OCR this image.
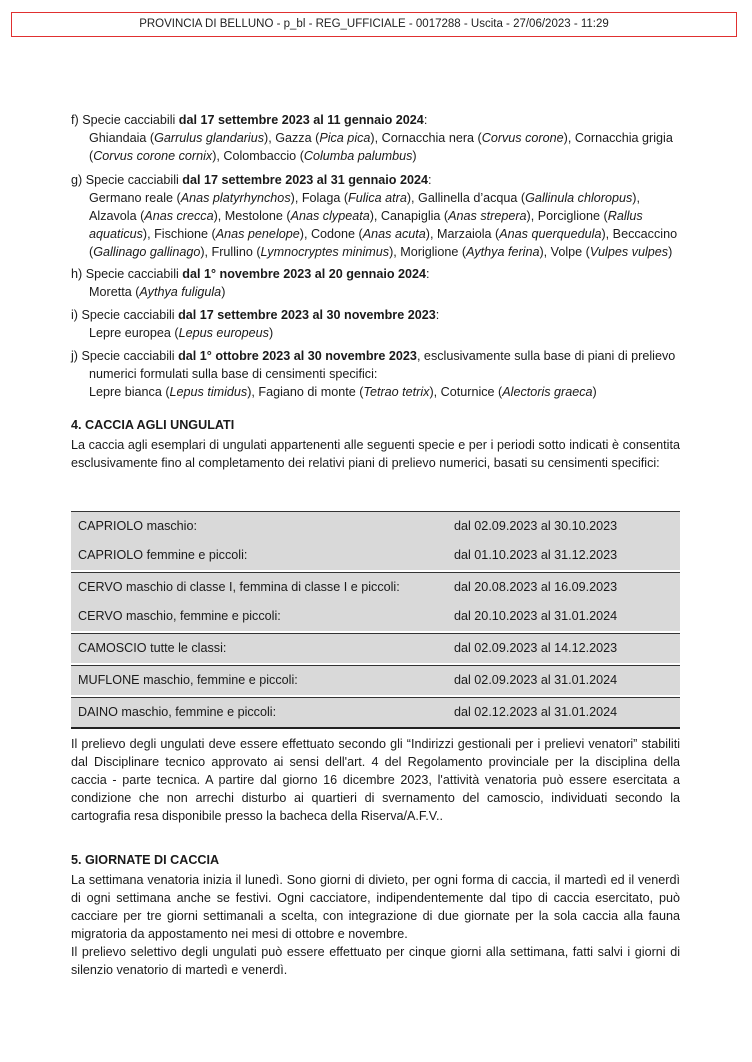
PROVINCIA DI BELLUNO - p_bl - REG_UFFICIALE - 0017288 - Uscita - 27/06/2023 - 11:29
f) Specie cacciabili dal 17 settembre 2023 al 11 gennaio 2024:
Ghiandaia (Garrulus glandarius), Gazza (Pica pica), Cornacchia nera (Corvus corone), Cornacchia grigia
(Corvus corone cornix), Colombaccio (Columba palumbus)
g) Specie cacciabili dal 17 settembre 2023 al 31 gennaio 2024:
Germano reale (Anas platyrhynchos), Folaga (Fulica atra), Gallinella d’acqua (Gallinula chloropus),
Alzavola (Anas crecca), Mestolone (Anas clypeata), Canapiglia (Anas strepera), Porciglione (Rallus
aquaticus), Fischione (Anas penelope), Codone (Anas acuta), Marzaiola (Anas querquedula), Beccaccino
(Gallinago gallinago), Frullino (Lymnocryptes minimus), Moriglione (Aythya ferina), Volpe (Vulpes vulpes)
h) Specie cacciabili dal 1° novembre 2023 al 20 gennaio 2024:
Moretta (Aythya fuligula)
i) Specie cacciabili dal 17 settembre 2023 al 30 novembre 2023:
Lepre europea (Lepus europeus)
j) Specie cacciabili dal 1° ottobre 2023 al 30 novembre 2023, esclusivamente sulla base di piani di prelievo
numerici formulati sulla base di censimenti specifici:
Lepre bianca (Lepus timidus), Fagiano di monte (Tetrao tetrix), Coturnice (Alectoris graeca)
4. CACCIA AGLI UNGULATI
La caccia agli esemplari di ungulati appartenenti alle seguenti specie e per i periodi sotto indicati è consentita esclusivamente fino al completamento dei relativi piani di prelievo numerici, basati su censimenti specifici:
CAPRIOLO maschio:	dal 02.09.2023 al 30.10.2023
CAPRIOLO femmine e piccoli:	dal 01.10.2023 al 31.12.2023
CERVO maschio di classe I, femmina di classe I e piccoli:	dal 20.08.2023 al 16.09.2023
CERVO maschio, femmine e piccoli:	dal 20.10.2023 al 31.01.2024
CAMOSCIO tutte le classi:	dal 02.09.2023 al 14.12.2023
MUFLONE maschio, femmine e piccoli:	dal 02.09.2023 al 31.01.2024
DAINO maschio, femmine e piccoli:	dal 02.12.2023 al 31.01.2024
Il prelievo degli ungulati deve essere effettuato secondo gli “Indirizzi gestionali per i prelievi venatori” stabiliti dal Disciplinare tecnico approvato ai sensi dell'art. 4 del Regolamento provinciale per la disciplina della caccia - parte tecnica. A partire dal giorno 16 dicembre 2023, l'attività venatoria può essere esercitata a condizione che non arrechi disturbo ai quartieri di svernamento del camoscio, individuati secondo la cartografia resa disponibile presso la bacheca della Riserva/A.F.V..
5. GIORNATE DI CACCIA

La settimana venatoria inizia il lunedì. Sono giorni di divieto, per ogni forma di caccia, il martedì ed il venerdì di ogni settimana anche se festivi. Ogni cacciatore, indipendentemente dal tipo di caccia esercitato, può cacciare per tre giorni settimanali a scelta, con integrazione di due giornate per la sola caccia alla fauna migratoria da appostamento nei mesi di ottobre e novembre.

Il prelievo selettivo degli ungulati può essere effettuato per cinque giorni alla settimana, fatti salvi i giorni di silenzio venatorio di martedì e venerdì.
